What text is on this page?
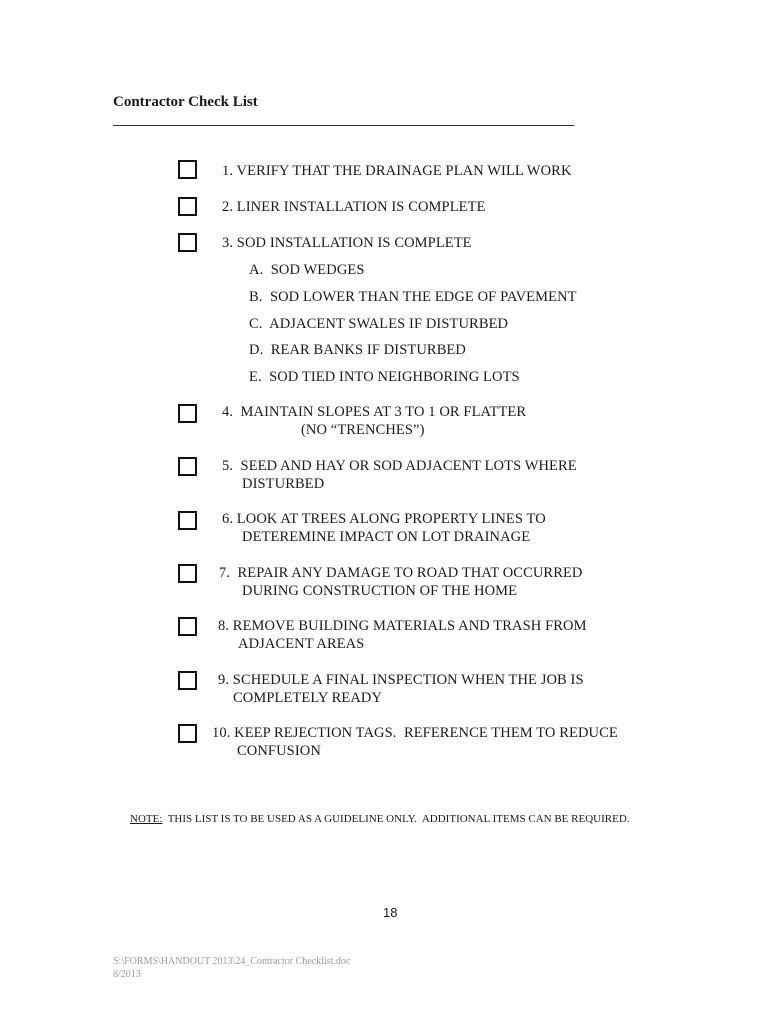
Contractor Check List
1. VERIFY THAT THE DRAINAGE PLAN WILL WORK
2. LINER INSTALLATION IS COMPLETE
3. SOD INSTALLATION IS COMPLETE
A.  SOD WEDGES
B.  SOD LOWER THAN THE EDGE OF PAVEMENT
C.  ADJACENT SWALES IF DISTURBED
D.  REAR BANKS IF DISTURBED
E.  SOD TIED INTO NEIGHBORING LOTS
4.  MAINTAIN SLOPES AT 3 TO 1 OR FLATTER
(NO “TRENCHES”)
5.  SEED AND HAY OR SOD ADJACENT LOTS WHERE
DISTURBED
6. LOOK AT TREES ALONG PROPERTY LINES TO
DETEREMINE IMPACT ON LOT DRAINAGE
7.  REPAIR ANY DAMAGE TO ROAD THAT OCCURRED
DURING CONSTRUCTION OF THE HOME
8. REMOVE BUILDING MATERIALS AND TRASH FROM
ADJACENT AREAS
9. SCHEDULE A FINAL INSPECTION WHEN THE JOB IS
COMPLETELY READY
10. KEEP REJECTION TAGS.  REFERENCE THEM TO REDUCE
CONFUSION
NOTE:  THIS LIST IS TO BE USED AS A GUIDELINE ONLY.  ADDITIONAL ITEMS CAN BE REQUIRED.
18
S:\FORMS\HANDOUT 2013\24_Contractor Checklist.doc
8/2013
